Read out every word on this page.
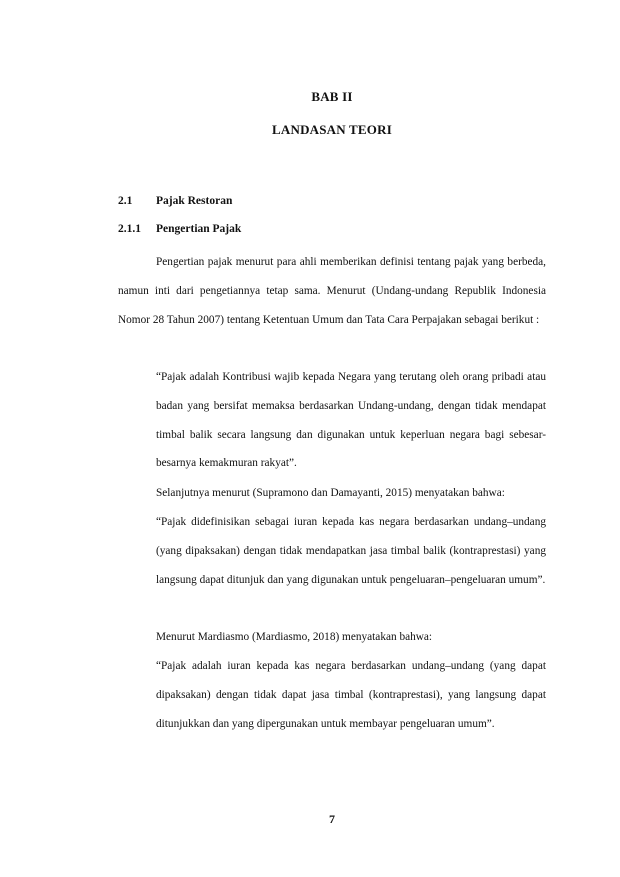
BAB II
LANDASAN TEORI
2.1 Pajak Restoran
2.1.1 Pengertian Pajak

Pengertian pajak menurut para ahli memberikan definisi tentang pajak yang berbeda, namun inti dari pengetiannya tetap sama. Menurut (Undang-undang Republik Indonesia Nomor 28 Tahun 2007) tentang Ketentuan Umum dan Tata Cara Perpajakan sebagai berikut :

“Pajak adalah Kontribusi wajib kepada Negara yang terutang oleh orang pribadi atau badan yang bersifat memaksa berdasarkan Undang-undang, dengan tidak mendapat timbal balik secara langsung dan digunakan untuk keperluan negara bagi sebesar-besarnya kemakmuran rakyat”.

Selanjutnya menurut (Supramono dan Damayanti, 2015) menyatakan bahwa:

“Pajak didefinisikan sebagai iuran kepada kas negara berdasarkan undang–undang (yang dipaksakan) dengan tidak mendapatkan jasa timbal balik (kontraprestasi) yang langsung dapat ditunjuk dan yang digunakan untuk pengeluaran–pengeluaran umum”.

Menurut Mardiasmo (Mardiasmo, 2018) menyatakan bahwa:

“Pajak adalah iuran kepada kas negara berdasarkan undang–undang (yang dapat dipaksakan) dengan tidak dapat jasa timbal (kontraprestasi), yang langsung dapat ditunjukkan dan yang dipergunakan untuk membayar pengeluaran umum”.

7
